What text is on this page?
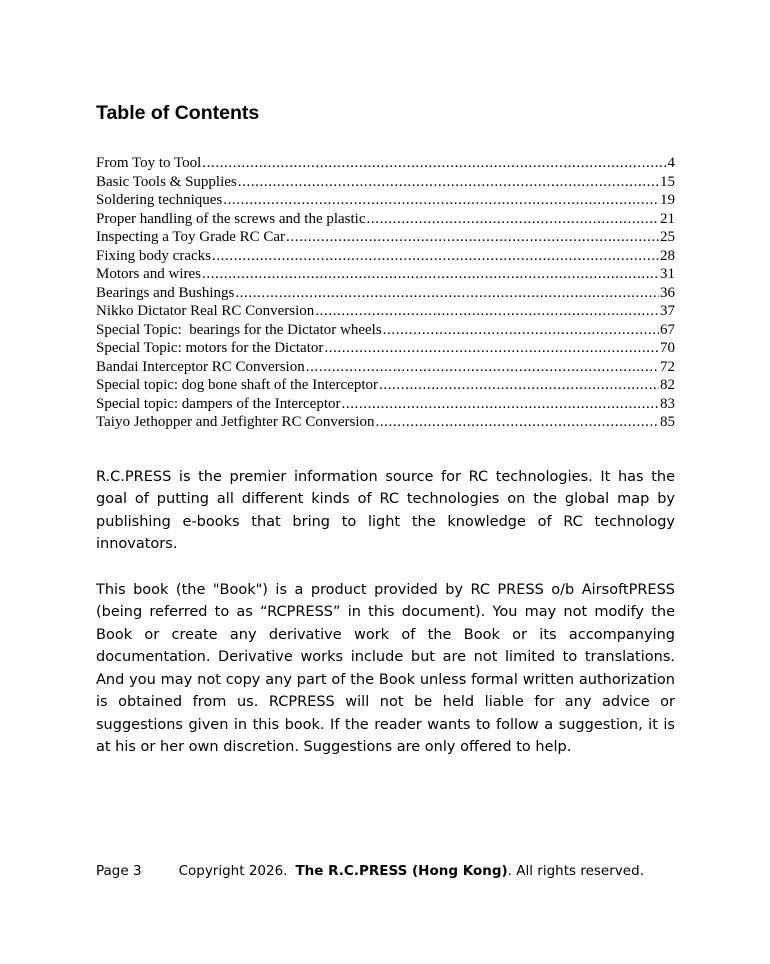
Table of Contents
From Toy to Tool .....	4
Basic Tools & Supplies .....	15
Soldering techniques .....	19
Proper handling of the screws and the plastic .....	21
Inspecting a Toy Grade RC Car .....	25
Fixing body cracks .....	28
Motors and wires .....	31
Bearings and Bushings .....	36
Nikko Dictator Real RC Conversion .....	37
Special Topic:  bearings for the Dictator wheels .....	67
Special Topic: motors for the Dictator .....	70
Bandai Interceptor RC Conversion .....	72
Special topic: dog bone shaft of the Interceptor .....	82
Special topic: dampers of the Interceptor .....	83
Taiyo Jethopper and Jetfighter RC Conversion .....	85

R.C.PRESS is the premier information source for RC technologies. It has the goal of putting all different kinds of RC technologies on the global map by publishing e-books that bring to light the knowledge of RC technology innovators.

This book (the "Book") is a product provided by RC PRESS o/b AirsoftPRESS (being referred to as “RCPRESS” in this document). You may not modify the Book or create any derivative work of the Book or its accompanying documentation. Derivative works include but are not limited to translations. And you may not copy any part of the Book unless formal written authorization is obtained from us. RCPRESS will not be held liable for any advice or suggestions given in this book. If the reader wants to follow a suggestion, it is at his or her own discretion. Suggestions are only offered to help.

Page 3	Copyright 2026. The R.C.PRESS (Hong Kong). All rights reserved.
